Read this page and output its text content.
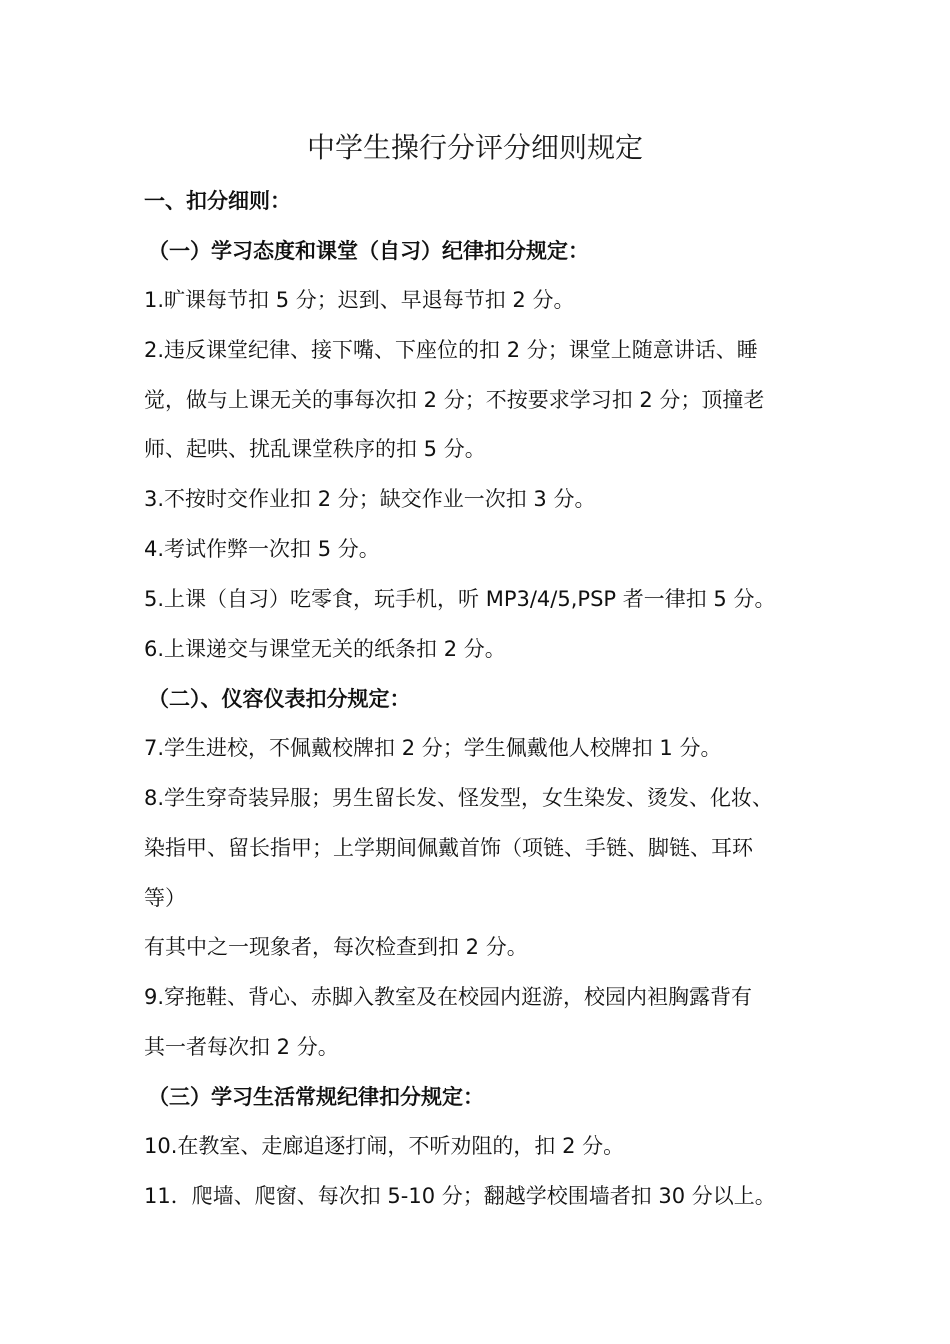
中学生操行分评分细则规定
一、扣分细则：
（一）学习态度和课堂（自习）纪律扣分规定：
1.旷课每节扣 5 分；迟到、早退每节扣 2 分。
2.违反课堂纪律、接下嘴、下座位的扣 2 分；课堂上随意讲话、睡
觉，做与上课无关的事每次扣 2 分；不按要求学习扣 2 分；顶撞老
师、起哄、扰乱课堂秩序的扣 5 分。
3.不按时交作业扣 2 分；缺交作业一次扣 3 分。
4.考试作弊一次扣 5 分。
5.上课（自习）吃零食，玩手机，听 MP3/4/5,PSP 者一律扣 5 分。
6.上课递交与课堂无关的纸条扣 2 分。
（二）、仪容仪表扣分规定：
7.学生进校，不佩戴校牌扣 2 分；学生佩戴他人校牌扣 1 分。
8.学生穿奇装异服；男生留长发、怪发型，女生染发、烫发、化妆、
染指甲、留长指甲；上学期间佩戴首饰（项链、手链、脚链、耳环
等）
有其中之一现象者，每次检查到扣 2 分。
9.穿拖鞋、背心、赤脚入教室及在校园内逛游，校园内袒胸露背有
其一者每次扣 2 分。
（三）学习生活常规纪律扣分规定：
10.在教室、走廊追逐打闹，不听劝阻的，扣 2 分。
11．爬墙、爬窗、每次扣 5-10 分；翻越学校围墙者扣 30 分以上。
